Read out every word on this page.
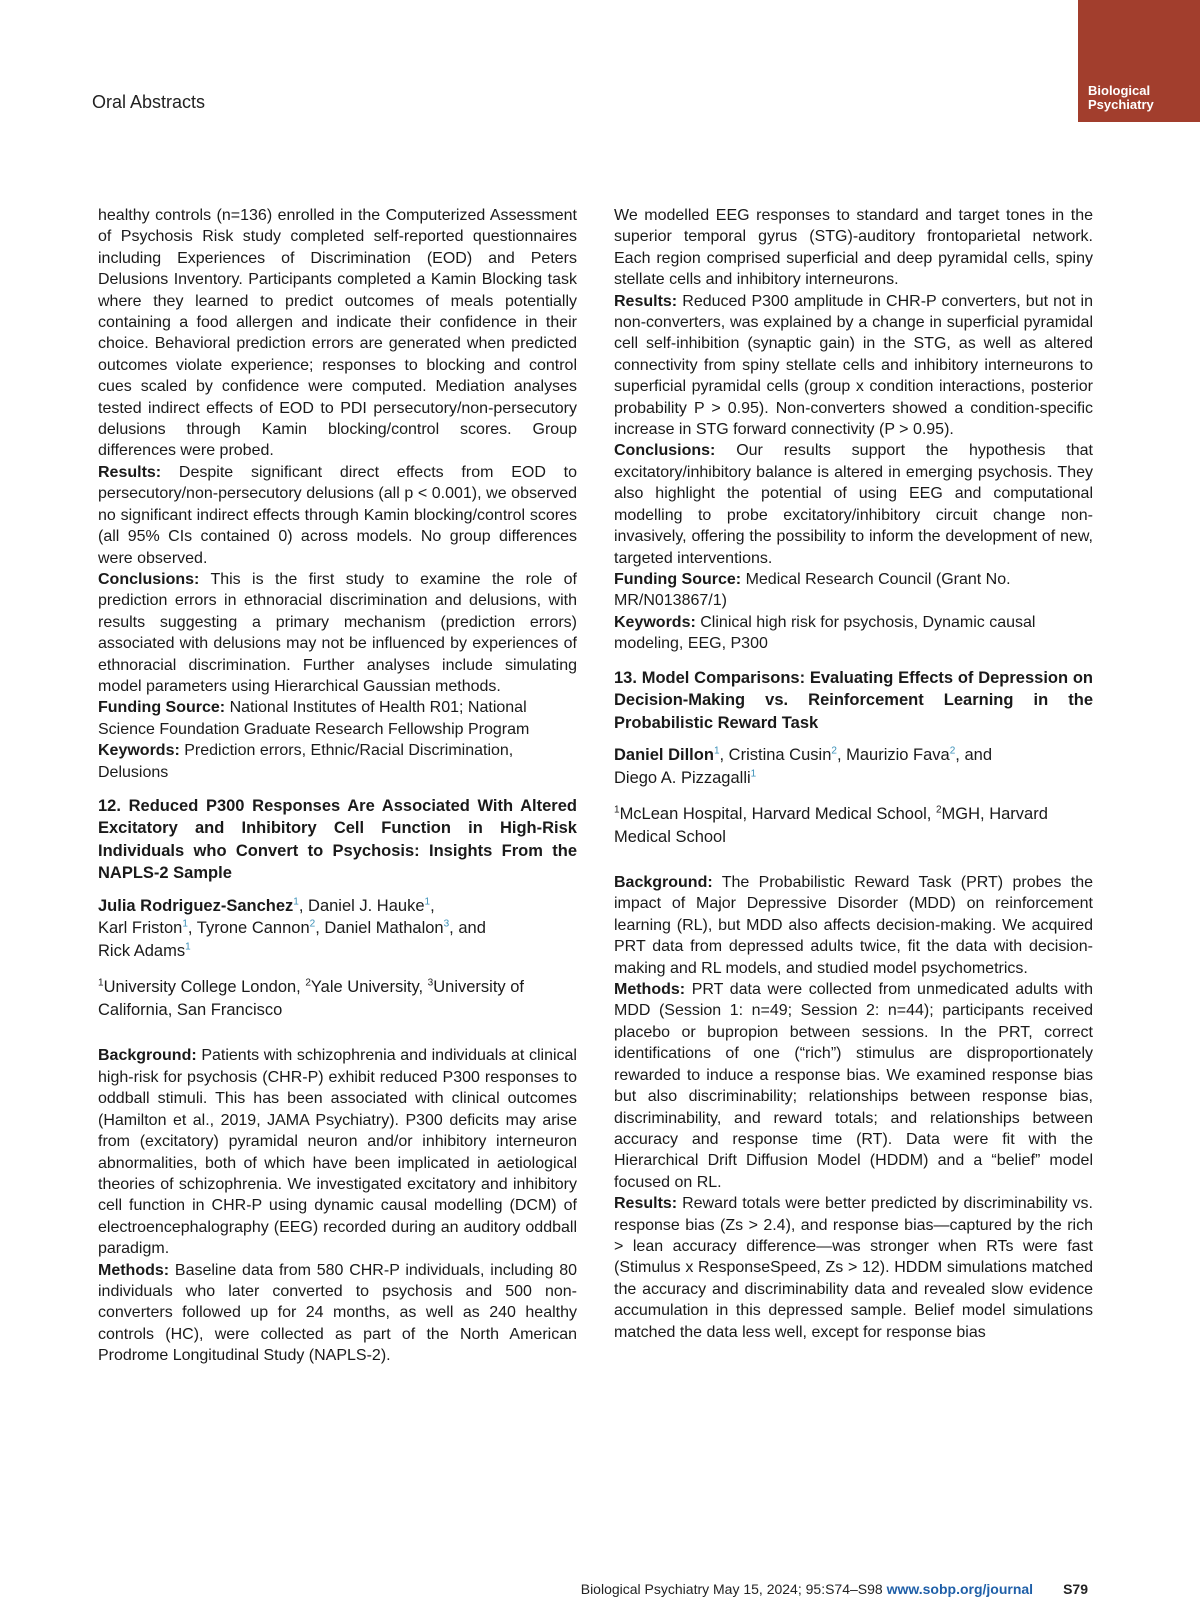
Biological
Psychiatry
Oral Abstracts

healthy controls (n=136) enrolled in the Computerized Assessment of Psychosis Risk study completed self-reported questionnaires including Experiences of Discrimination (EOD) and Peters Delusions Inventory. Participants completed a Kamin Blocking task where they learned to predict outcomes of meals potentially containing a food allergen and indicate their confidence in their choice. Behavioral prediction errors are generated when predicted outcomes violate experience; responses to blocking and control cues scaled by confidence were computed. Mediation analyses tested indirect effects of EOD to PDI persecutory/non-persecutory delusions through Kamin blocking/control scores. Group differences were probed.

Results: Despite significant direct effects from EOD to persecutory/non-persecutory delusions (all p < 0.001), we observed no significant indirect effects through Kamin blocking/control scores (all 95% CIs contained 0) across models. No group differences were observed.

Conclusions: This is the first study to examine the role of prediction errors in ethnoracial discrimination and delusions, with results suggesting a primary mechanism (prediction errors) associated with delusions may not be influenced by experiences of ethnoracial discrimination. Further analyses include simulating model parameters using Hierarchical Gaussian methods.

Funding Source: National Institutes of Health R01; National Science Foundation Graduate Research Fellowship Program

Keywords: Prediction errors, Ethnic/Racial Discrimination, Delusions

12. Reduced P300 Responses Are Associated With Altered Excitatory and Inhibitory Cell Function in High-Risk Individuals who Convert to Psychosis: Insights From the NAPLS-2 Sample
Julia Rodriguez-Sanchez$^1$, Daniel J. Hauke$^1$,
Karl Friston$^1$, Tyrone Cannon$^2$, Daniel Mathalon$^3$, and
Rick Adams$^1$
$^1$University College London, $^2$Yale University, $^3$University of California, San Francisco

Background: Patients with schizophrenia and individuals at clinical high-risk for psychosis (CHR-P) exhibit reduced P300 responses to oddball stimuli. This has been associated with clinical outcomes (Hamilton et al., 2019, JAMA Psychiatry). P300 deficits may arise from (excitatory) pyramidal neuron and/or inhibitory interneuron abnormalities, both of which have been implicated in aetiological theories of schizophrenia. We investigated excitatory and inhibitory cell function in CHR-P using dynamic causal modelling (DCM) of electroencephalography (EEG) recorded during an auditory oddball paradigm.

Methods: Baseline data from 580 CHR-P individuals, including 80 individuals who later converted to psychosis and 500 non-converters followed up for 24 months, as well as 240 healthy controls (HC), were collected as part of the North American Prodrome Longitudinal Study (NAPLS-2).

We modelled EEG responses to standard and target tones in the superior temporal gyrus (STG)-auditory frontoparietal network. Each region comprised superficial and deep pyramidal cells, spiny stellate cells and inhibitory interneurons.

Results: Reduced P300 amplitude in CHR-P converters, but not in non-converters, was explained by a change in superficial pyramidal cell self-inhibition (synaptic gain) in the STG, as well as altered connectivity from spiny stellate cells and inhibitory interneurons to superficial pyramidal cells (group x condition interactions, posterior probability P > 0.95). Non-converters showed a condition-specific increase in STG forward connectivity (P > 0.95).

Conclusions: Our results support the hypothesis that excitatory/inhibitory balance is altered in emerging psychosis. They also highlight the potential of using EEG and computational modelling to probe excitatory/inhibitory circuit change non-invasively, offering the possibility to inform the development of new, targeted interventions.

Funding Source: Medical Research Council (Grant No. MR/N013867/1)

Keywords: Clinical high risk for psychosis, Dynamic causal modeling, EEG, P300

13. Model Comparisons: Evaluating Effects of Depression on Decision-Making vs. Reinforcement Learning in the Probabilistic Reward Task
Daniel Dillon$^1$, Cristina Cusin$^2$, Maurizio Fava$^2$, and
Diego A. Pizzagalli$^1$
$^1$McLean Hospital, Harvard Medical School, $^2$MGH, Harvard Medical School

Background: The Probabilistic Reward Task (PRT) probes the impact of Major Depressive Disorder (MDD) on reinforcement learning (RL), but MDD also affects decision-making. We acquired PRT data from depressed adults twice, fit the data with decision-making and RL models, and studied model psychometrics.

Methods: PRT data were collected from unmedicated adults with MDD (Session 1: n=49; Session 2: n=44); participants received placebo or bupropion between sessions. In the PRT, correct identifications of one (“rich”) stimulus are disproportionately rewarded to induce a response bias. We examined response bias but also discriminability; relationships between response bias, discriminability, and reward totals; and relationships between accuracy and response time (RT). Data were fit with the Hierarchical Drift Diffusion Model (HDDM) and a “belief” model focused on RL.

Results: Reward totals were better predicted by discriminability vs. response bias (Zs > 2.4), and response bias—captured by the rich > lean accuracy difference—was stronger when RTs were fast (Stimulus x ResponseSpeed, Zs > 12). HDDM simulations matched the accuracy and discriminability data and revealed slow evidence accumulation in this depressed sample. Belief model simulations matched the data less well, except for response bias

Biological Psychiatry May 15, 2024; 95:S74–S98 www.sobp.org/journal S79
